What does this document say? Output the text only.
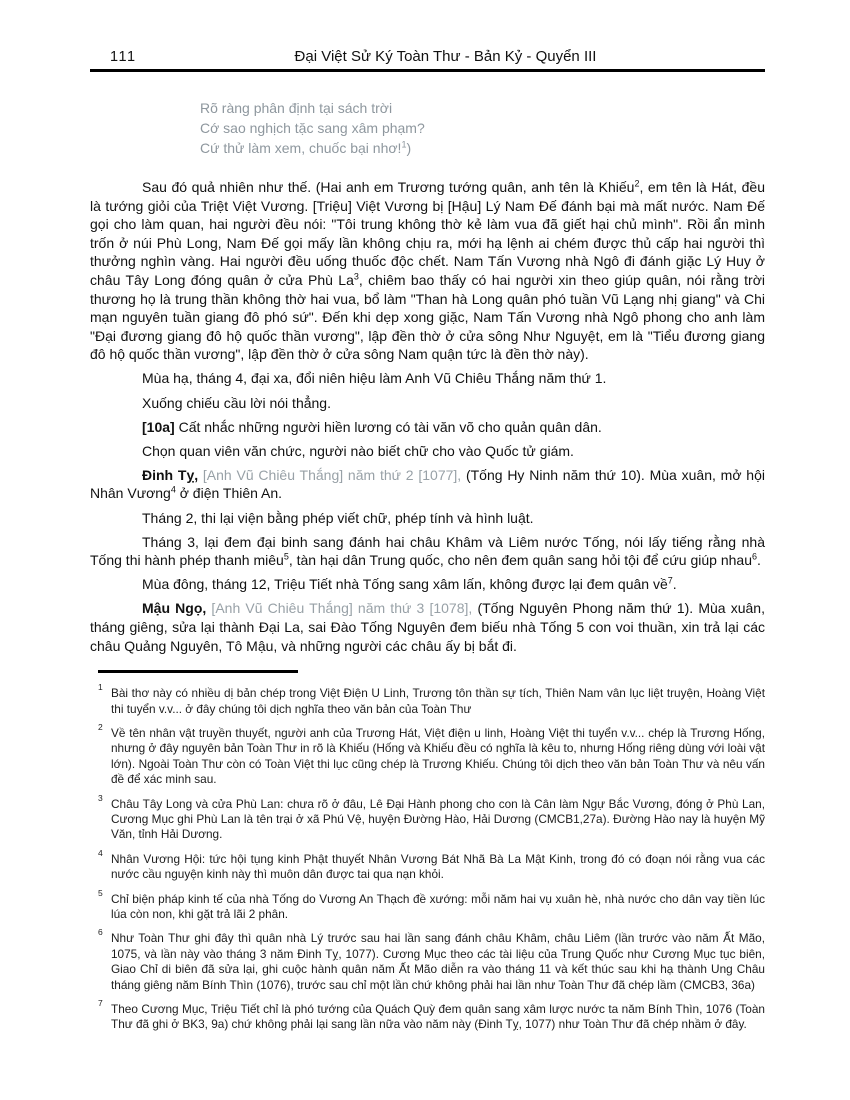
111	Đại Việt Sử Ký Toàn Thư - Bản Kỷ - Quyển III
Rõ ràng phân định tại sách trời
Cớ sao nghịch tặc sang xâm phạm?
Cứ thử làm xem, chuốc bại nhơ!$^1$)

Sau đó quả nhiên như thế. (Hai anh em Trương tướng quân, anh tên là Khiếu$^2$, em tên là Hát, đều là tướng giỏi của Triệt Việt Vương. [Triệu] Việt Vương bị [Hậu] Lý Nam Đế đánh bại mà mất nước. Nam Đế gọi cho làm quan, hai người đều nói: "Tôi trung không thờ kẻ làm vua đã giết hại chủ mình". Rồi ẩn mình trốn ở núi Phù Long, Nam Đế gọi mấy lần không chịu ra, mới hạ lệnh ai chém được thủ cấp hai người thì thưởng nghìn vàng. Hai người đều uống thuốc độc chết. Nam Tấn Vương nhà Ngô đi đánh giặc Lý Huy ở châu Tây Long đóng quân ở cửa Phù La$^3$, chiêm bao thấy có hai người xin theo giúp quân, nói rằng trời thương họ là trung thần không thờ hai vua, bổ làm "Than hà Long quân phó tuần Vũ Lạng nhị giang" và Chi mạn nguyên tuần giang đô phó sứ". Đến khi dẹp xong giặc, Nam Tấn Vương nhà Ngô phong cho anh làm "Đại đương giang đô hộ quốc thần vương", lập đền thờ ở cửa sông Như Nguyệt, em là "Tiểu đương giang đô hộ quốc thần vương", lập đền thờ ở cửa sông Nam quận tức là đền thờ này).

Mùa hạ, tháng 4, đại xa, đổi niên hiệu làm Anh Vũ Chiêu Thắng năm thứ 1.

Xuống chiếu cầu lời nói thẳng.

[10a] Cất nhắc những người hiền lương có tài văn võ cho quản quân dân.

Chọn quan viên văn chức, người nào biết chữ cho vào Quốc tử giám.

Đinh Tỵ, [Anh Vũ Chiêu Thắng] năm thứ 2 [1077], (Tống Hy Ninh năm thứ 10). Mùa xuân, mở hội Nhân Vương$^4$ ở điện Thiên An.

Tháng 2, thi lại viện bằng phép viết chữ, phép tính và hình luật.

Tháng 3, lại đem đại binh sang đánh hai châu Khâm và Liêm nước Tống, nói lấy tiếng rằng nhà Tống thi hành phép thanh miêu$^5$, tàn hại dân Trung quốc, cho nên đem quân sang hỏi tội để cứu giúp nhau$^6$.

Mùa đông, tháng 12, Triệu Tiết nhà Tống sang xâm lấn, không được lại đem quân về$^7$.

Mậu Ngọ, [Anh Vũ Chiêu Thắng] năm thứ 3 [1078], (Tống Nguyên Phong năm thứ 1). Mùa xuân, tháng giêng, sửa lại thành Đại La, sai Đào Tống Nguyên đem biếu nhà Tống 5 con voi thuần, xin trả lại các châu Quảng Nguyên, Tô Mậu, và những người các châu ấy bị bắt đi.

1 Bài thơ này có nhiều dị bản chép trong Việt Điện U Linh, Trương tôn thần sự tích, Thiên Nam vân lục liệt truyện, Hoàng Việt thi tuyển v.v... ở đây chúng tôi dịch nghĩa theo văn bản của Toàn Thư
2 Về tên nhân vật truyền thuyết, người anh của Trương Hát, Việt điện u linh, Hoàng Việt thi tuyển v.v... chép là Trương Hống, nhưng ở đây nguyên bản Toàn Thư in rõ là Khiếu (Hống và Khiếu đều có nghĩa là kêu to, nhưng Hống riêng dùng với loài vật lớn). Ngoài Toàn Thư còn có Toàn Việt thi lục cũng chép là Trương Khiếu. Chúng tôi dịch theo văn bản Toàn Thư và nêu vấn đề để xác minh sau.
3 Châu Tây Long và cửa Phù Lan: chưa rõ ở đâu, Lê Đại Hành phong cho con là Cân làm Ngự Bắc Vương, đóng ở Phù Lan, Cương Mục ghi Phù Lan là tên trại ở xã Phú Vệ, huyện Đường Hào, Hải Dương (CMCB1,27a). Đường Hào nay là huyện Mỹ Văn, tỉnh Hải Dương.
4 Nhân Vương Hội: tức hội tụng kinh Phật thuyết Nhân Vương Bát Nhã Bà La Mật Kinh, trong đó có đoạn nói rằng vua các nước cầu nguyện kinh này thì muôn dân được tai qua nạn khỏi.
5 Chỉ biện pháp kinh tế của nhà Tống do Vương An Thạch đề xướng: mỗi năm hai vụ xuân hè, nhà nước cho dân vay tiền lúc lúa còn non, khi gặt trả lãi 2 phân.
6 Như Toàn Thư ghi đây thì quân nhà Lý trước sau hai lần sang đánh châu Khâm, châu Liêm (lần trước vào năm Ất Mão, 1075, và lần này vào tháng 3 năm Đinh Tỵ, 1077). Cương Mục theo các tài liệu của Trung Quốc như Cương Mục tục biên, Giao Chỉ di biên đã sửa lại, ghi cuộc hành quân năm Ất Mão diễn ra vào tháng 11 và kết thúc sau khi hạ thành Ung Châu tháng giêng năm Bính Thìn (1076), trước sau chỉ một lần chứ không phải hai lần như Toàn Thư đã chép lầm (CMCB3, 36a)
7 Theo Cương Mục, Triệu Tiết chỉ là phó tướng của Quách Quỳ đem quân sang xâm lược nước ta năm Bính Thìn, 1076 (Toàn Thư đã ghi ở BK3, 9a) chứ không phải lại sang lần nữa vào năm này (Đinh Tỵ, 1077) như Toàn Thư đã chép nhầm ở đây.
